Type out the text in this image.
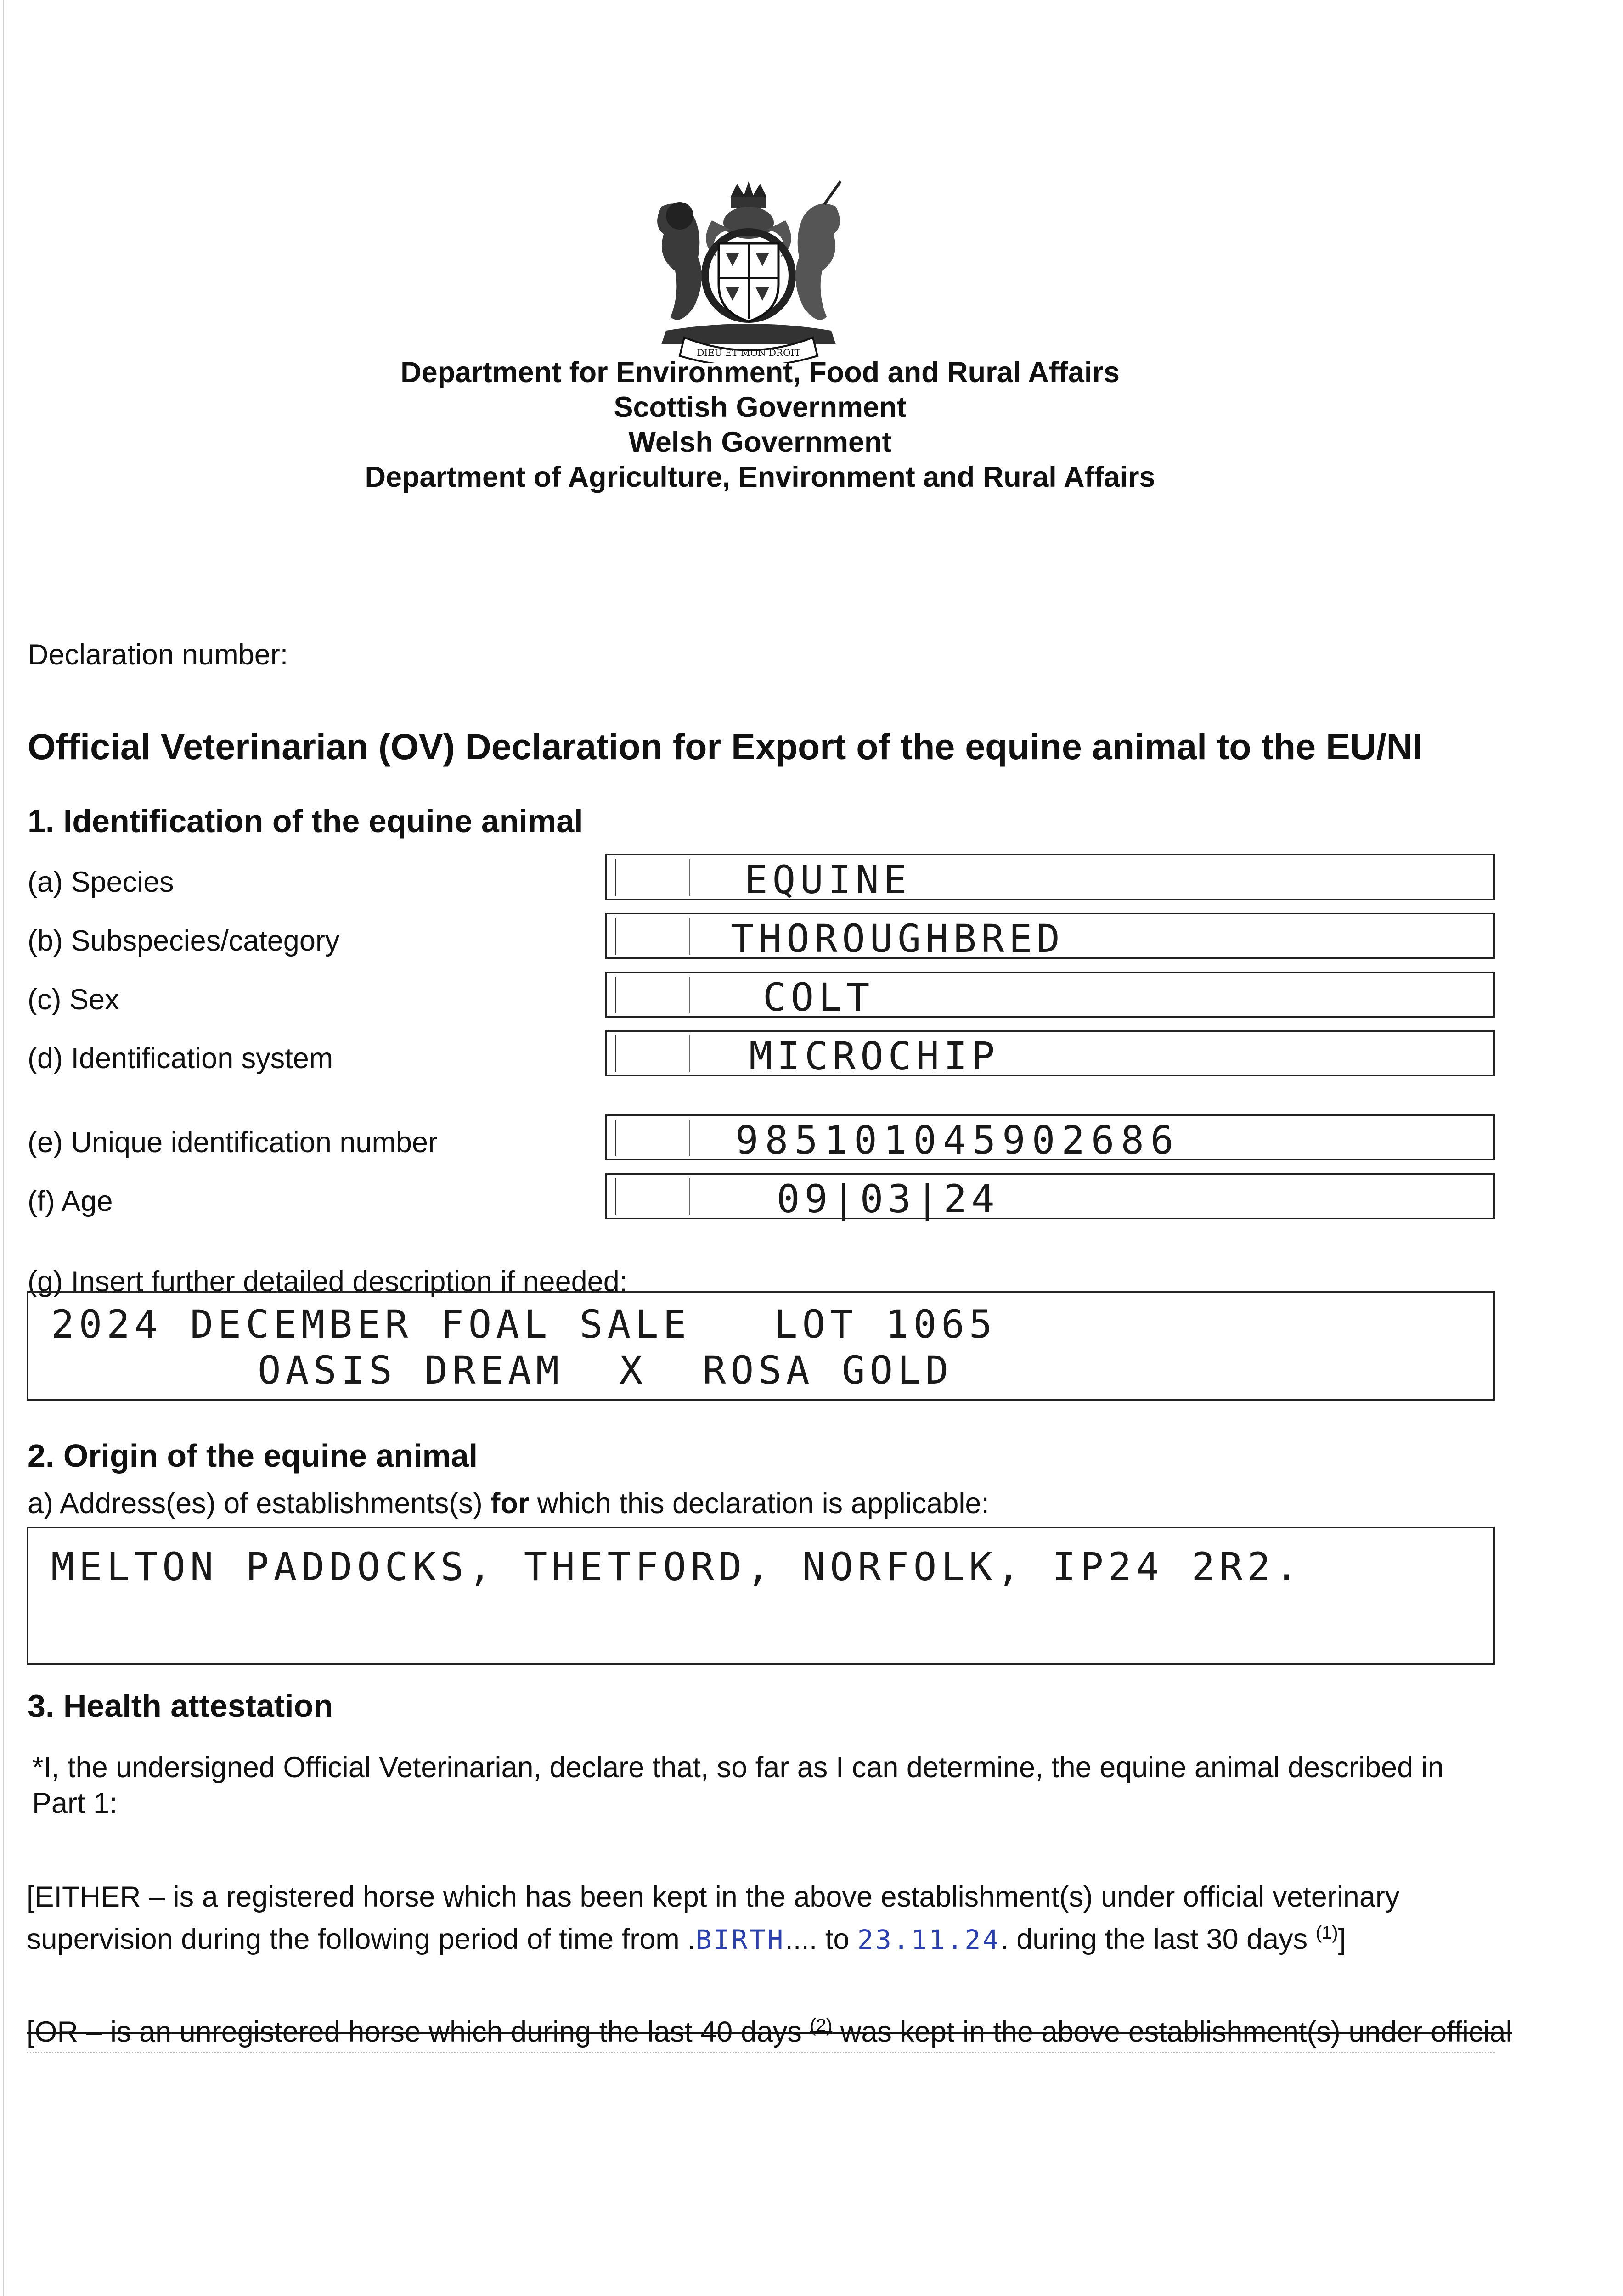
DIEU ET MON DROIT
Department for Environment, Food and Rural Affairs
Scottish Government
Welsh Government
Department of Agriculture, Environment and Rural Affairs
Declaration number:
Official Veterinarian (OV) Declaration for Export of the equine animal to the EU/NI
1. Identification of the equine animal
(a) Species	EQUINE
(b) Subspecies/category	THOROUGHBRED
(c) Sex	COLT
(d) Identification system	MICROCHIP
(e) Unique identification number	985101045902686
(f) Age	09|03|24
(g) Insert further detailed description if needed:
2024 DECEMBER FOAL SALE   LOT 1065
OASIS DREAM  X  ROSA GOLD
2. Origin of the equine animal
a) Address(es) of establishments(s) for which this declaration is applicable:
MELTON PADDOCKS, THETFORD, NORFOLK, IP24 2R2.
3. Health attestation
*I, the undersigned Official Veterinarian, declare that, so far as I can determine, the equine animal described in Part 1:
[EITHER – is a registered horse which has been kept in the above establishment(s) under official veterinary
supervision during the following period of time from .BIRTH.... to 23.11.24. during the last 30 days $^{(1)}$]
[OR – is an unregistered horse which during the last 40 days $^{(2)}$ was kept in the above establishment(s) under official
